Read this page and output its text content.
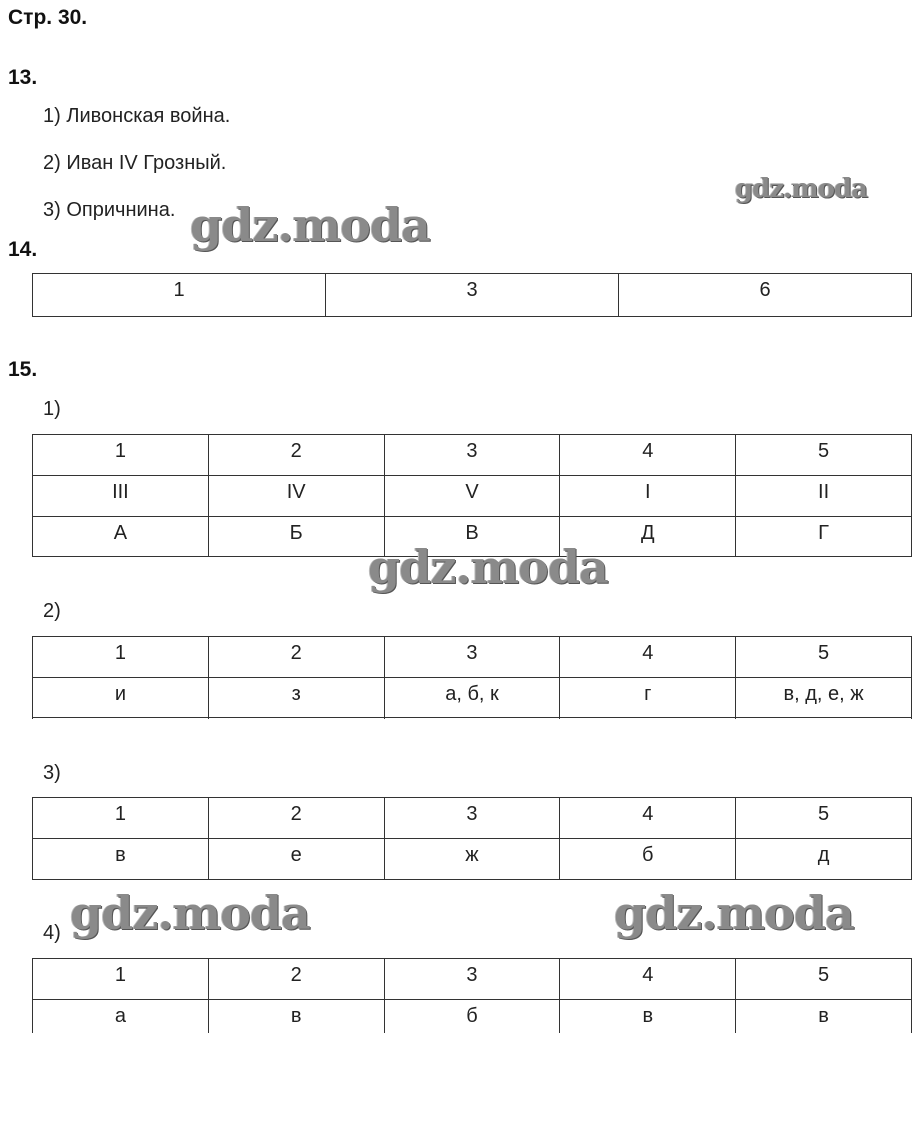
Стр. 30.
13.
1) Ливонская война.
2) Иван IV Грозный.
3) Опричнина.
14.
1	3	6
15.
1)
1	2	3	4	5
III	IV	V	I	II
А	Б	В	Д	Г
2)
1	2	3	4	5
и	з	а, б, к	г	в, д, е, ж
3)
1	2	3	4	5
в	е	ж	б	д
4)
1	2	3	4	5
а	в	б	в	в
gdz.moda
gdz.moda
gdz.moda
gdz.moda	gdz.moda
